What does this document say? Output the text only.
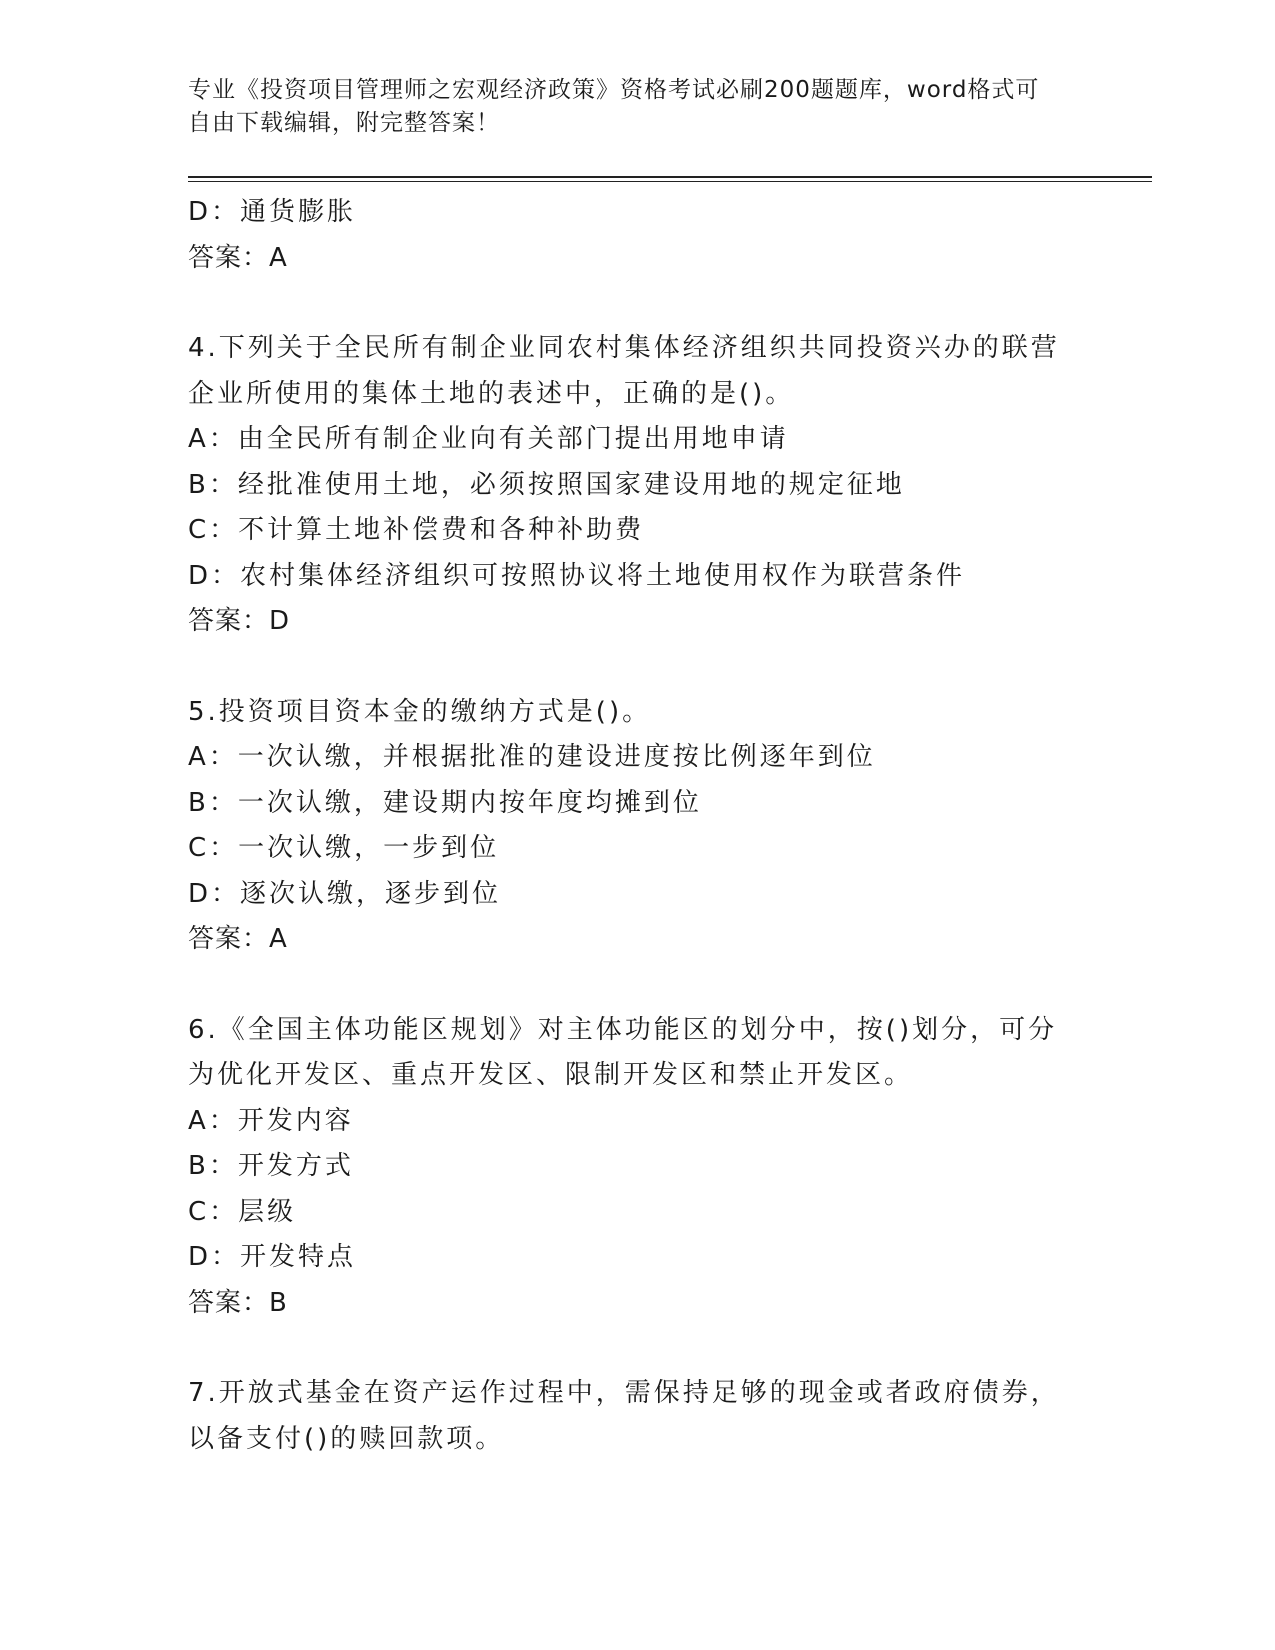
专业《投资项目管理师之宏观经济政策》资格考试必刷200题题库，word格式可
自由下载编辑，附完整答案！
D：通货膨胀
答案：A
4.下列关于全民所有制企业同农村集体经济组织共同投资兴办的联营
企业所使用的集体土地的表述中，正确的是()。
A：由全民所有制企业向有关部门提出用地申请
B：经批准使用土地，必须按照国家建设用地的规定征地
C：不计算土地补偿费和各种补助费
D：农村集体经济组织可按照协议将土地使用权作为联营条件
答案：D
5.投资项目资本金的缴纳方式是()。
A：一次认缴，并根据批准的建设进度按比例逐年到位
B：一次认缴，建设期内按年度均摊到位
C：一次认缴，一步到位
D：逐次认缴，逐步到位
答案：A
6.《全国主体功能区规划》对主体功能区的划分中，按()划分，可分
为优化开发区、重点开发区、限制开发区和禁止开发区。
A：开发内容
B：开发方式
C：层级
D：开发特点
答案：B
7.开放式基金在资产运作过程中，需保持足够的现金或者政府债券，
以备支付()的赎回款项。
